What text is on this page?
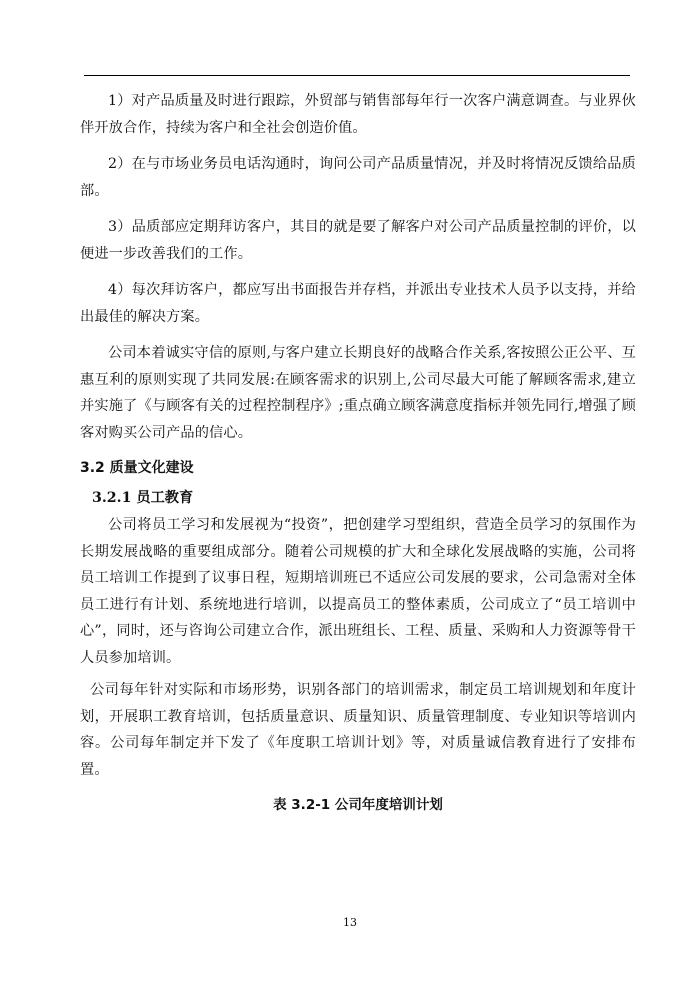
1）对产品质量及时进行跟踪，外贸部与销售部每年行一次客户满意调查。与业界伙伴开放合作，持续为客户和全社会创造价值。

2）在与市场业务员电话沟通时，询问公司产品质量情况，并及时将情况反馈给品质部。

3）品质部应定期拜访客户，其目的就是要了解客户对公司产品质量控制的评价，以便进一步改善我们的工作。

4）每次拜访客户，都应写出书面报告并存档，并派出专业技术人员予以支持，并给出最佳的解决方案。

公司本着诚实守信的原则,与客户建立长期良好的战略合作关系,客按照公正公平、互惠互利的原则实现了共同发展:在顾客需求的识别上,公司尽最大可能了解顾客需求,建立并实施了《与顾客有关的过程控制程序》;重点确立顾客满意度指标并领先同行,增强了顾客对购买公司产品的信心。

3.2 质量文化建设
3.2.1 员工教育

公司将员工学习和发展视为“投资”，把创建学习型组织，营造全员学习的氛围作为长期发展战略的重要组成部分。随着公司规模的扩大和全球化发展战略的实施，公司将员工培训工作提到了议事日程，短期培训班已不适应公司发展的要求，公司急需对全体员工进行有计划、系统地进行培训，以提高员工的整体素质，公司成立了“员工培训中心”，同时，还与咨询公司建立合作，派出班组长、工程、质量、采购和人力资源等骨干人员参加培训。

公司每年针对实际和市场形势，识别各部门的培训需求，制定员工培训规划和年度计划，开展职工教育培训，包括质量意识、质量知识、质量管理制度、专业知识等培训内容。公司每年制定并下发了《年度职工培训计划》等，对质量诚信教育进行了安排布置。

表 3.2-1 公司年度培训计划

13
